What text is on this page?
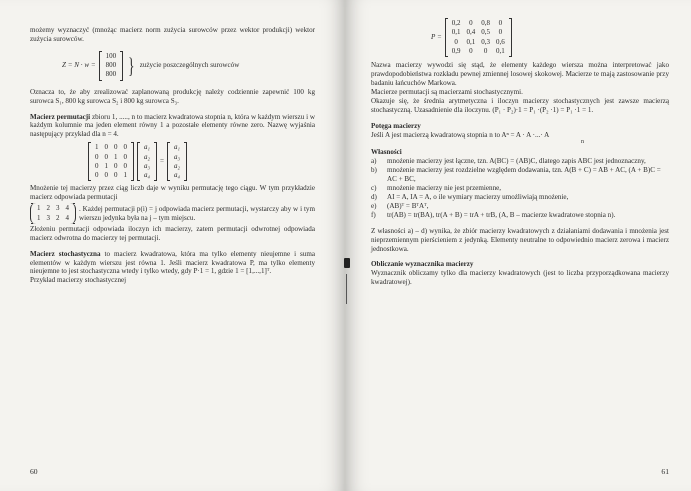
możemy wyznaczyć (mnożąc macierz norm zużycia surowców przez wektor produkcji) wektor zużycia surowców.

Z = N · w =
100
800
800 } zużycie poszczególnych surowców

Oznacza to, że aby zrealizować zaplanowaną produkcję należy codziennie zapewnić 100 kg surowca S₁, 800 kg surowca S₂ i 800 kg surowca S₃.

Macierz permutacji zbioru 1, ....., n to macierz kwadratowa stopnia n, która w każdym wierszu i w każdym kolumnie ma jeden element równy 1 a pozostałe elementy równe zero. Nazwę wyjaśnia następujący przykład dla n = 4.

1 0 0 0
0 0 1 0
0 1 0 0
0 0 0 1
a₁
a₂
a₃
a₄
=
a₁
a₃
a₂
a₄

Mnożenie tej macierzy przez ciąg liczb daje w wyniku permutację tego ciągu. W tym przykładzie macierz odpowiada permutacji

1 2 3 4
1 3 2 4
. Każdej permutacji p(i) = j odpowiada macierz permutacji, wystarczy aby w i tym wierszu jedynka była na j – tym miejscu.

Złożeniu permutacji odpowiada iloczyn ich macierzy, zatem permutacji odwrotnej odpowiada macierz odwrotna do macierzy tej permutacji.

Macierz stochastyczna to macierz kwadratowa, która ma tylko elementy nieujemne i suma elementów w każdym wierszu jest równa 1. Jeśli macierz kwadratowa P, ma tylko elementy nieujemne to jest stochastyczna wtedy i tylko wtedy, gdy P·1 = 1, gdzie 1 = [1,...,1]ᵀ.

Przykład macierzy stochastycznej

60
P =
0,2	0	0,8	0
0,1 0,4 0,5	0
0	0,1 0,3 0,6
0,9	0	0	0,1

Nazwa macierzy wywodzi się stąd, że elementy każdego wiersza można interpretować jako prawdopodobieństwa rozkładu pewnej zmiennej losowej skokowej. Macierze te mają zastosowanie przy badaniu łańcuchów Markowa.

Macierze permutacji są macierzami stochastycznymi.

Okazuje się, że średnia arytmetyczna i iloczyn macierzy stochastycznych jest zawsze macierzą stochastyczną. Uzasadnienie dla iloczynu. (P₁ · P₂)·1 = P₁ ·(P₂ ·1) = P₁ ·1 = 1.

Potęga macierzy

Jeśli A jest macierzą kwadratową stopnia n to Aⁿ = A · A ·...· A

n

Własności

a)	mnożenie macierzy jest łączne, tzn. A(BC) = (AB)C, dlatego zapis ABC jest jednoznaczny,
b)	mnożenie macierzy jest rozdzielne względem dodawania, tzn. A(B + C) = AB + AC, (A + B)C = AC + BC,
c)	mnożenie macierzy nie jest przemienne,
d)	AI = A, IA = A, o ile wymiary macierzy umożliwiają mnożenie,
e)	(AB)ᵀ = BᵀAᵀ,
f)	tr(AB) = tr(BA), tr(A + B) = trA + trB, (A, B – macierze kwadratowe stopnia n).

Z własności a) – d) wynika, że zbiór macierzy kwadratowych z działaniami dodawania i mnożenia jest nieprzemiennym pierścieniem z jedynką. Elementy neutralne to odpowiednio macierz zerowa i macierz jednostkowa.

Obliczanie wyznacznika macierzy

Wyznacznik obliczamy tylko dla macierzy kwadratowych (jest to liczba przyporządkowana macierzy kwadratowej).

61
